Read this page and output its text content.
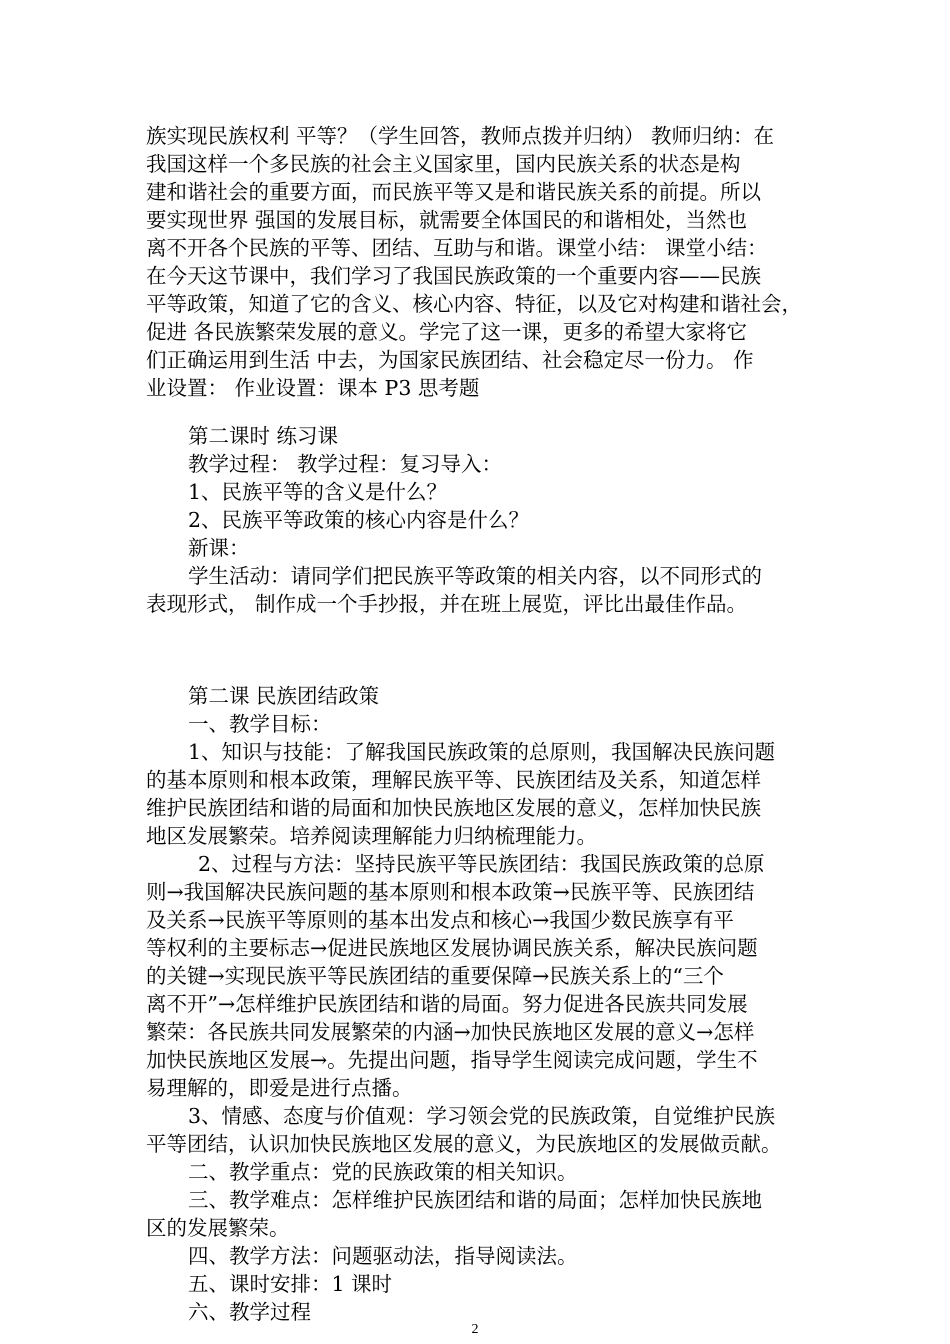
族实现民族权利 平等？（学生回答，教师点拨并归纳） 教师归纳：在
我国这样一个多民族的社会主义国家里，国内民族关系的状态是构
建和谐社会的重要方面，而民族平等又是和谐民族关系的前提。所以
要实现世界 强国的发展目标，就需要全体国民的和谐相处，当然也
离不开各个民族的平等、团结、互助与和谐。课堂小结： 课堂小结：
在今天这节课中，我们学习了我国民族政策的一个重要内容——民族
平等政策，知道了它的含义、核心内容、特征，以及它对构建和谐社会，
促进 各民族繁荣发展的意义。学完了这一课，更多的希望大家将它
们正确运用到生活 中去，为国家民族团结、社会稳定尽一份力。 作
业设置： 作业设置：课本 P3 思考题
第二课时 练习课
教学过程： 教学过程：复习导入：
1、民族平等的含义是什么？
2、民族平等政策的核心内容是什么？
新课：
学生活动：请同学们把民族平等政策的相关内容，以不同形式的
表现形式， 制作成一个手抄报，并在班上展览，评比出最佳作品。
第二课 民族团结政策
一、教学目标：
1、知识与技能：了解我国民族政策的总原则，我国解决民族问题
的基本原则和根本政策，理解民族平等、民族团结及关系，知道怎样
维护民族团结和谐的局面和加快民族地区发展的意义，怎样加快民族
地区发展繁荣。培养阅读理解能力归纳梳理能力。
2、过程与方法：坚持民族平等民族团结：我国民族政策的总原
则→我国解决民族问题的基本原则和根本政策→民族平等、民族团结
及关系→民族平等原则的基本出发点和核心→我国少数民族享有平
等权利的主要标志→促进民族地区发展协调民族关系，解决民族问题
的关键→实现民族平等民族团结的重要保障→民族关系上的“三个
离不开”→怎样维护民族团结和谐的局面。努力促进各民族共同发展
繁荣：各民族共同发展繁荣的内涵→加快民族地区发展的意义→怎样
加快民族地区发展→。先提出问题，指导学生阅读完成问题，学生不
易理解的，即爱是进行点播。
3、情感、态度与价值观：学习领会党的民族政策，自觉维护民族
平等团结，认识加快民族地区发展的意义，为民族地区的发展做贡献。
二、教学重点：党的民族政策的相关知识。
三、教学难点：怎样维护民族团结和谐的局面；怎样加快民族地
区的发展繁荣。
四、教学方法：问题驱动法，指导阅读法。
五、课时安排：1 课时
六、教学过程
2
